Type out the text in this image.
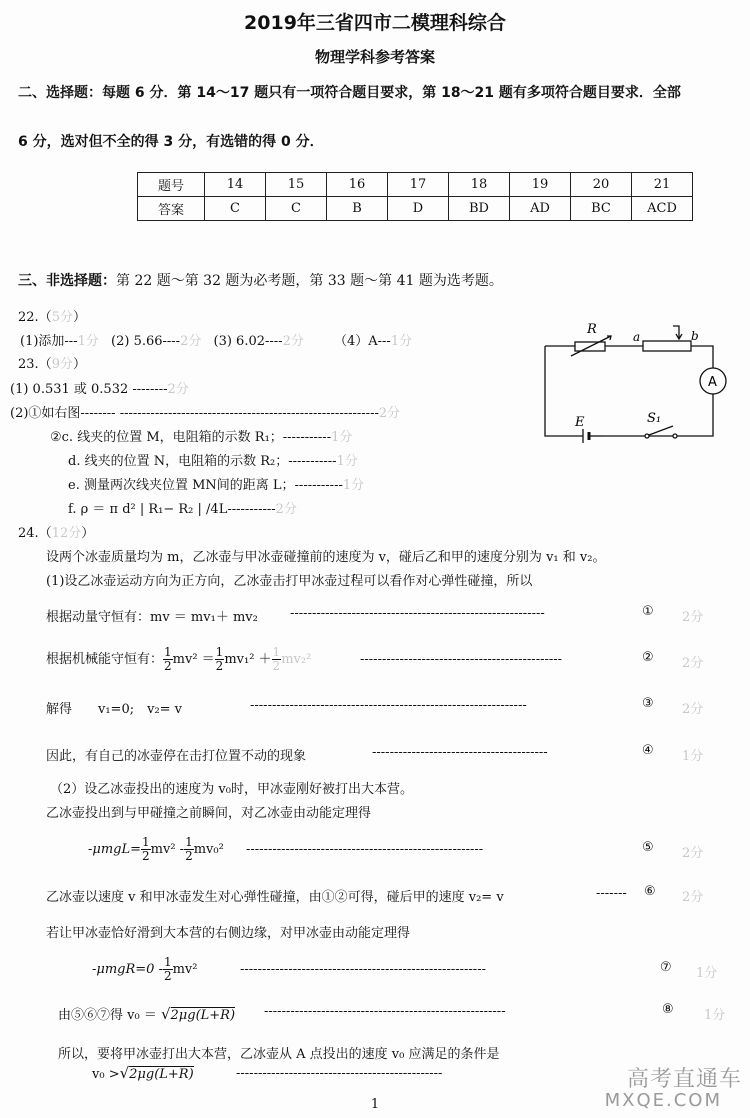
2019年三省四市二模理科综合
物理学科参考答案
二、选择题：每题 6 分．第 14～17 题只有一项符合题目要求，第 18～21 题有多项符合题目要求．全部
6 分，选对但不全的得 3 分，有选错的得 0 分．
题号	14	15	16	17	18	19	20	21
答案	C	C	B	D	BD	AD	BC	ACD
三、非选择题：第 22 题～第 32 题为必考题，第 33 题～第 41 题为选考题。
22.（5分）
(1)添加---1分 (2) 5.66----2分 (3) 6.02----2分 （4）A---1分
R	a	b
A
E	S₁
23.（9分）
(1) 0.531 或 0.532 --------2分
(2)①如右图-------- -----------------------------------------------------------2分
②c. 线夹的位置 M，电阻箱的示数 R₁；-----------1分
d. 线夹的位置 N，电阻箱的示数 R₂；-----------1分
e. 测量两次线夹位置 MN间的距离 L；-----------1分
f. ρ ＝ π d² | R₁− R₂ | ∕4L-----------2分
24.（12分）
设两个冰壶质量均为 m，乙冰壶与甲冰壶碰撞前的速度为 v，碰后乙和甲的速度分别为 v₁ 和 v₂。
(1)设乙冰壶运动方向为正方向，乙冰壶击打甲冰壶过程可以看作对心弹性碰撞，所以
根据动量守恒有：mv ＝ mv₁＋ mv₂ ----------------------------------------------------------	① 2分
根据机械能守恒有： $\frac{1}{2} mv^2 = \frac{1}{2} mv_1^2 + \frac{1}{2} mv_2^2$	----------------------------------------------	② 2分
解得　　v₁=0;　v₂= v	---------------------------------------------------------------	③ 2分
因此，有自己的冰壶停在击打位置不动的现象	----------------------------------------	④ 1分
（2）设乙冰壶投出的速度为 v₀时，甲冰壶刚好被打出大本营。
乙冰壶投出到与甲碰撞之前瞬间，对乙冰壶由动能定理得
$-\mu mgL= \frac{1}{2} mv^2 - \frac{1}{2} mv_0^2$ ------------------------------------------------------	⑤ 2分
乙冰壶以速度 v 和甲冰壶发生对心弹性碰撞，由①②可得，碰后甲的速度 v₂= v	-------	⑥ 2分
若让甲冰壶恰好滑到大本营的右侧边缘，对甲冰壶由动能定理得
$-\mu mgR=0 - \frac{1}{2} mv^2$	--------------------------------------------------------	⑦ 1分
由⑤⑥⑦得 v₀ ＝ √2μg(L+R) -------------------------------------------------------	⑧ 1分
所以，要将甲冰壶打出大本营，乙冰壶从 A 点投出的速度 v₀ 应满足的条件是
v₀ >√2μg(L+R)	-----------------------------------------------
1
高考直通车
MXQE.COM
